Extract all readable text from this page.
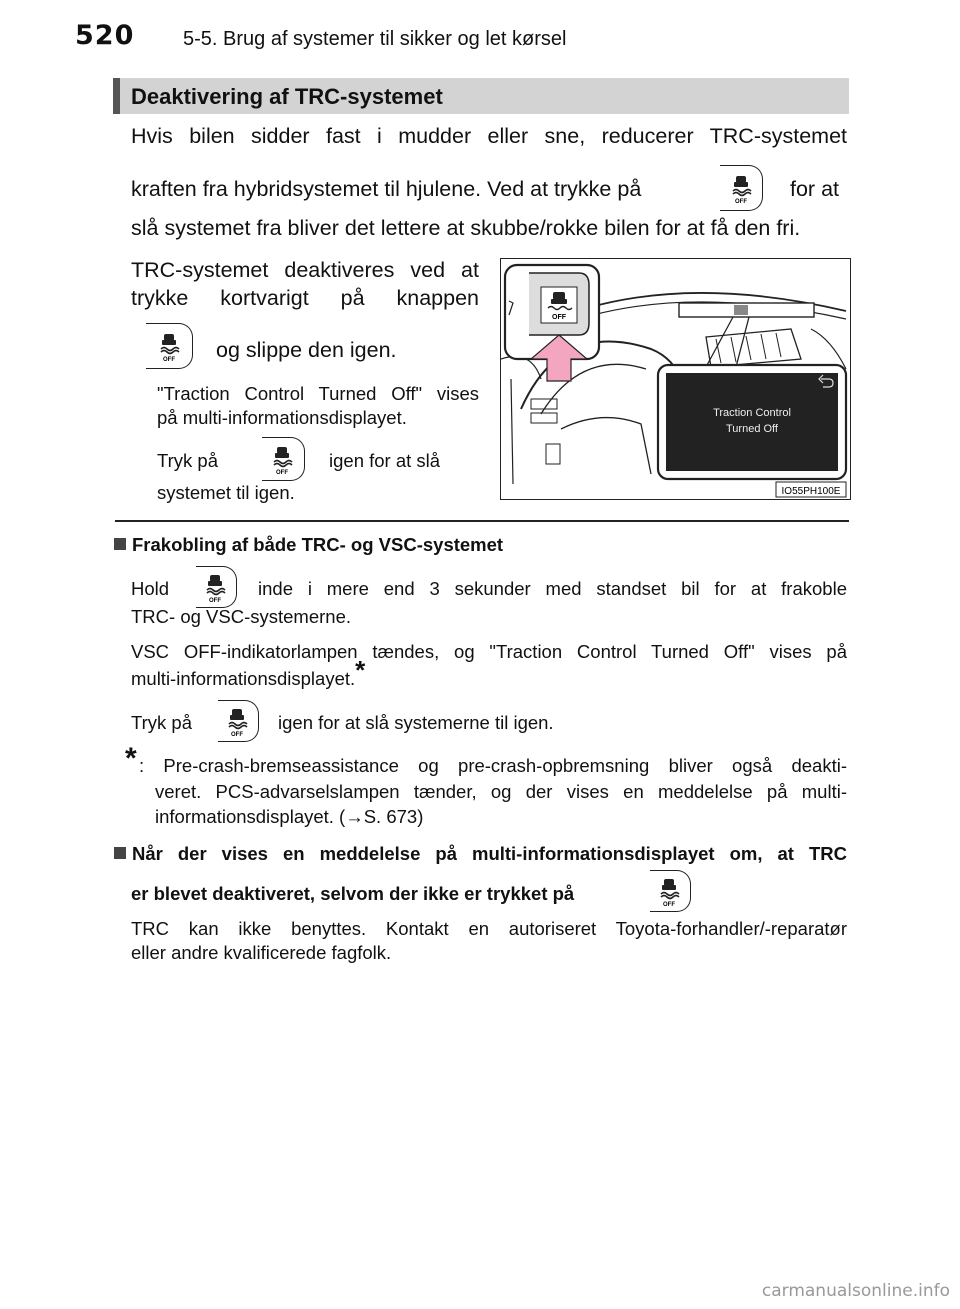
520 5-5. Brug af systemer til sikker og let kørsel
Deaktivering af TRC-systemet
Hvis bilen sidder fast i mudder eller sne, reducerer TRC-systemet
kraften fra hybridsystemet til hjulene. Ved at trykke på
OFF
for at
slå systemet fra bliver det lettere at skubbe/rokke bilen for at få den fri.
TRC-systemet deaktiveres ved at
trykke kortvarigt på knappen
OFF og slippe den igen.
"Traction Control Turned Off" vises
på multi-informationsdisplayet.
Tryk på
OFF
igen for at slå
systemet til igen.
OFF
Traction Control
Turned Off
IO55PH100E
Frakobling af både TRC- og VSC-systemet
Hold
OFF
inde i mere end 3 sekunder med standset bil for at frakoble
TRC- og VSC-systemerne.
VSC OFF-indikatorlampen tændes, og "Traction Control Turned Off" vises på
multi-informationsdisplayet.*
Tryk på
OFF
igen for at slå systemerne til igen.
* : Pre-crash-bremseassistance og pre-crash-opbremsning bliver også deakti-
veret. PCS-advarselslampen tænder, og der vises en meddelelse på multi-
informationsdisplayet. (→S. 673)
Når der vises en meddelelse på multi-informationsdisplayet om, at TRC
er blevet deaktiveret, selvom der ikke er trykket på
OFF
TRC kan ikke benyttes. Kontakt en autoriseret Toyota-forhandler/-reparatør
eller andre kvalificerede fagfolk.
carmanualsonline.info
